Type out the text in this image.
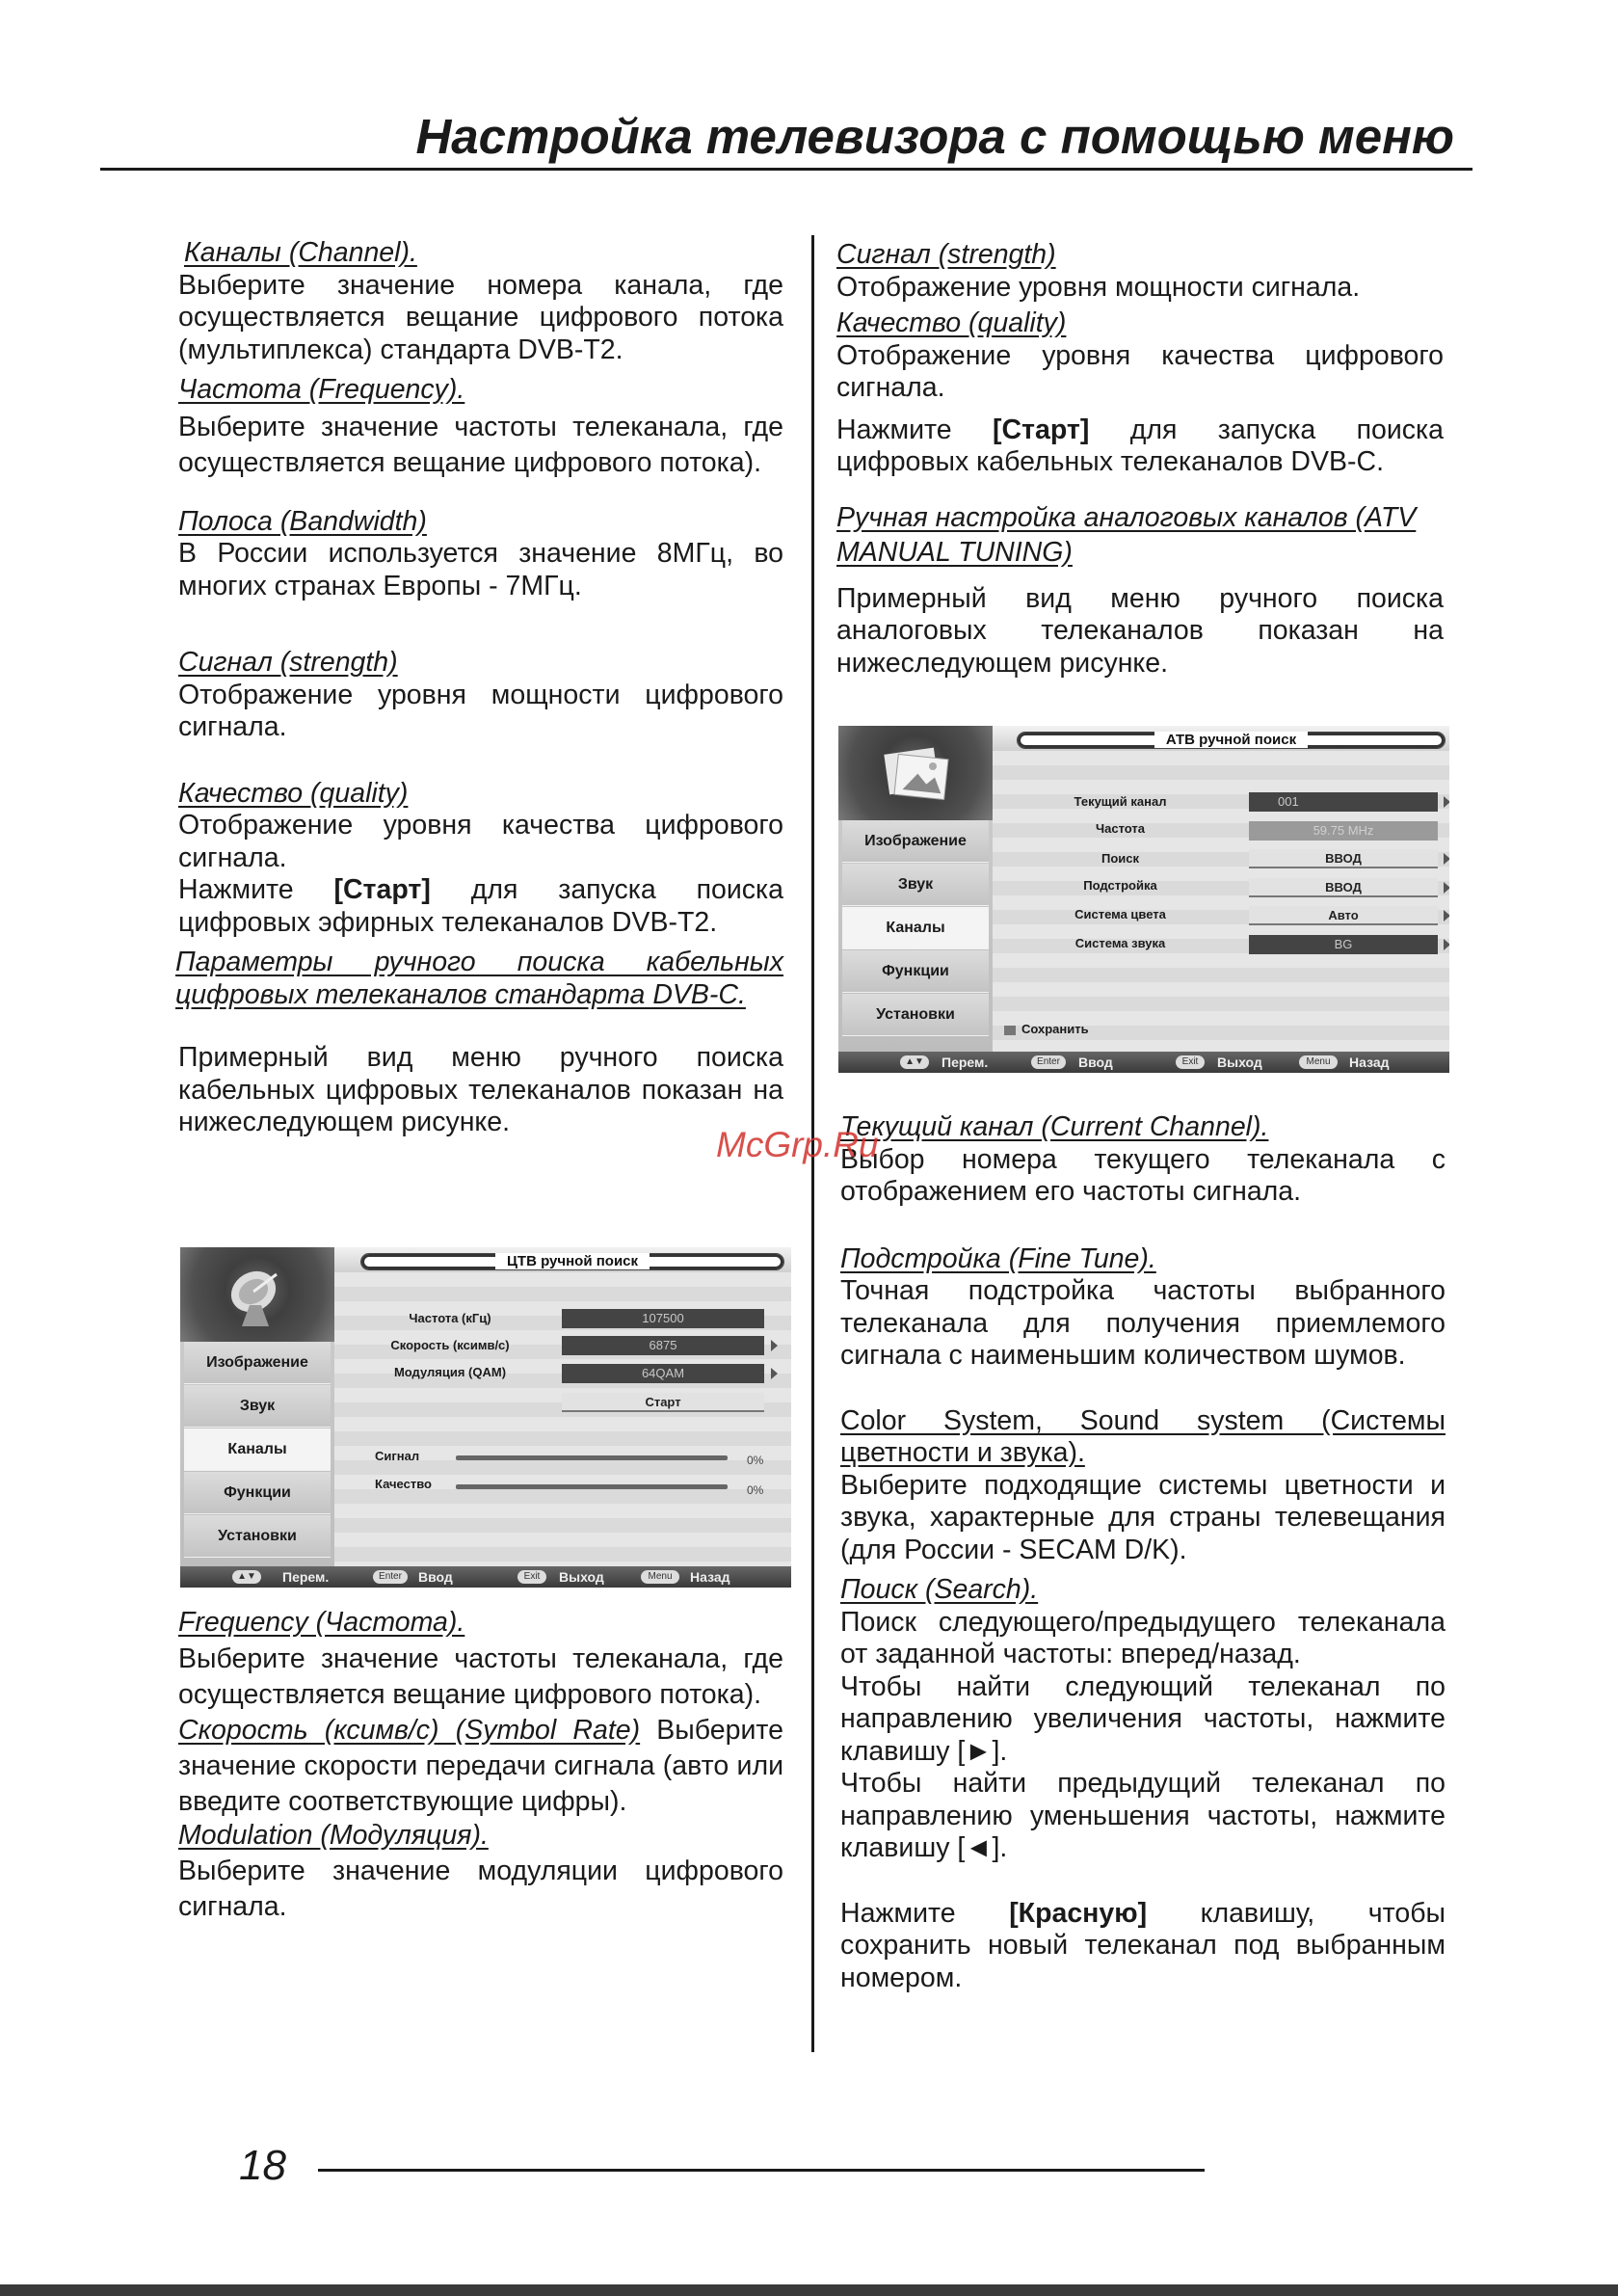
Настройка телевизора с помощью меню
Каналы (Channel).
Выберите значение номера канала, где осуществляется вещание цифрового потока (мультиплекса) стандарта DVB-T2.
Частота (Frequency).
Выберите значение частоты телеканала, где осуществляется вещание цифрового потока).
Полоса (Bandwidth)
В России используется значение 8МГц, во многих странах Европы - 7МГц.
Сигнал (strength)
Отображение уровня мощности цифрового сигнала.
Качество (quality)
Отображение уровня качества цифрового сигнала.
Нажмите [Старт] для запуска поиска цифровых эфирных телеканалов DVB-T2.
Параметры ручного поиска кабельных цифровых телеканалов стандарта DVB-C.
Примерный вид меню ручного поиска кабельных цифровых телеканалов показан на нижеследующем рисунке.
Frequency (Частота).
Выберите значение частоты телеканала, где осуществляется вещание цифрового потока).
Скорость (ксимв/с) (Symbol Rate) Выберите значение скорости передачи сигнала (авто или введите соответствующие цифры).
Modulation (Модуляция).
Выберите значение модуляции цифрового сигнала.
Сигнал (strength)
Отображение уровня мощности сигнала.
Качество (quality)
Отображение уровня качества цифрового сигнала.
Нажмите [Старт] для запуска поиска цифровых кабельных телеканалов DVB-C.
Ручная настройка аналоговых каналов (ATV MANUAL TUNING)
Примерный вид меню ручного поиска аналоговых телеканалов показан на нижеследующем рисунке.
Текущий канал (Current Channel).
Выбор номера текущего телеканала с отображением его частоты сигнала.
Подстройка (Fine Tune).
Точная подстройка частоты выбранного телеканала для получения приемлемого сигнала с наименьшим количеством шумов.
Color System, Sound system (Системы цветности и звука).
Выберите подходящие системы цветности и звука, характерные для страны телевещания (для России - SECAM D/K).
Поиск (Search).
Поиск следующего/предыдущего телеканала от заданной частоты: вперед/назад.
Чтобы найти следующий телеканал по направлению увеличения частоты, нажмите клавишу [►].
Чтобы найти предыдущий телеканал по направлению уменьшения частоты, нажмите клавишу [◄].
Нажмите [Красную] клавишу, чтобы сохранить новый телеканал под выбранным номером.
Изображение
Звук
Каналы
Функции
Установки
ЦТВ ручной поиск
Частота (кГц)	107500
Скорость (ксимв/с)	6875
Модуляция (QAM)	64QAM
Старт
Сигнал	0%
Качество	0%
▲▼	Перем.	Enter	Ввод	Exit	Выход	Menu	Назад
Изображение
Звук
Каналы
Функции
Установки
АТВ ручной поиск
Текущий канал	001
Частота	59.75 MHz
Поиск	ВВОД
Подстройка	ВВОД
Система цвета	Авто
Система звука	BG
Сохранить
▲▼	Перем.	Enter	Ввод	Exit	Выход	Menu	Назад
McGrp.Ru
18
